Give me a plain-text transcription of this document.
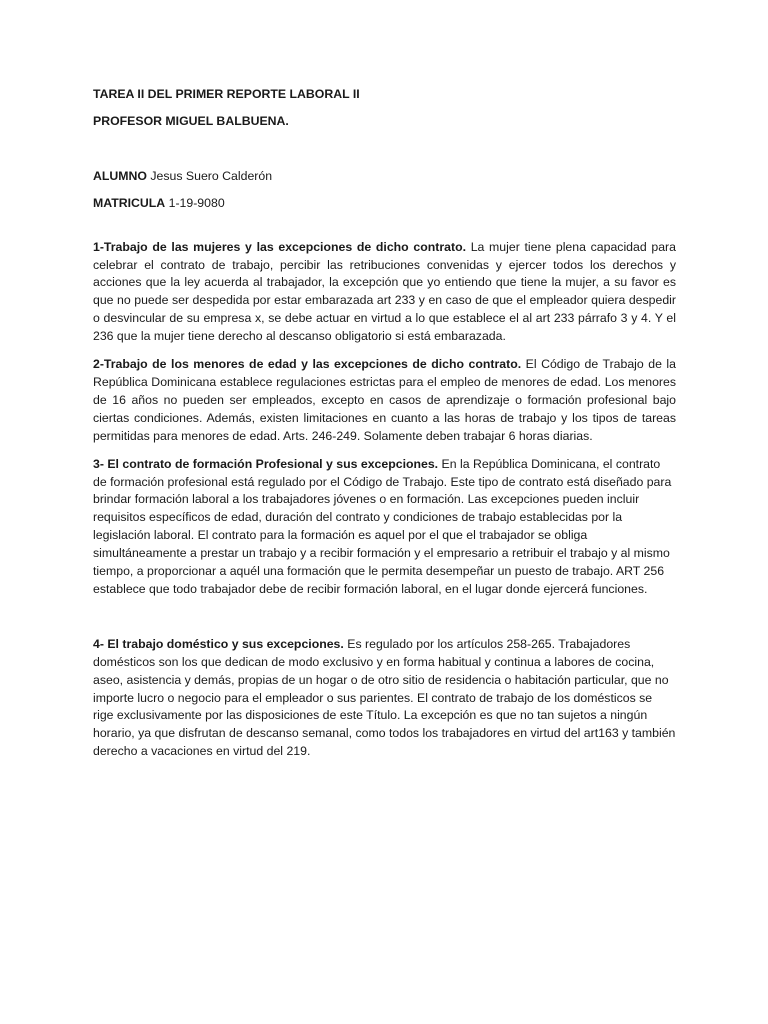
TAREA II DEL PRIMER REPORTE LABORAL II

PROFESOR MIGUEL BALBUENA.

ALUMNO Jesus Suero Calderón

MATRICULA 1-19-9080

1-Trabajo de las mujeres y las excepciones de dicho contrato. La mujer tiene plena capacidad para celebrar el contrato de trabajo, percibir las retribuciones convenidas y ejercer todos los derechos y acciones que la ley acuerda al trabajador, la excepción que yo entiendo que tiene la mujer, a su favor es que no puede ser despedida por estar embarazada art 233 y en caso de que el empleador quiera despedir o desvincular de su empresa x, se debe actuar en virtud a lo que establece el al art 233 párrafo 3 y 4. Y el 236 que la mujer tiene derecho al descanso obligatorio si está embarazada.

2-Trabajo de los menores de edad y las excepciones de dicho contrato. El Código de Trabajo de la República Dominicana establece regulaciones estrictas para el empleo de menores de edad. Los menores de 16 años no pueden ser empleados, excepto en casos de aprendizaje o formación profesional bajo ciertas condiciones. Además, existen limitaciones en cuanto a las horas de trabajo y los tipos de tareas permitidas para menores de edad. Arts. 246-249. Solamente deben trabajar 6 horas diarias.

3- El contrato de formación Profesional y sus excepciones. En la República Dominicana, el contrato de formación profesional está regulado por el Código de Trabajo. Este tipo de contrato está diseñado para brindar formación laboral a los trabajadores jóvenes o en formación. Las excepciones pueden incluir requisitos específicos de edad, duración del contrato y condiciones de trabajo establecidas por la legislación laboral. El contrato para la formación es aquel por el que el trabajador se obliga simultáneamente a prestar un trabajo y a recibir formación y el empresario a retribuir el trabajo y al mismo tiempo, a proporcionar a aquél una formación que le permita desempeñar un puesto de trabajo. ART 256 establece que todo trabajador debe de recibir formación laboral, en el lugar donde ejercerá funciones.

4- El trabajo doméstico y sus excepciones. Es regulado por los artículos 258-265. Trabajadores domésticos son los que dedican de modo exclusivo y en forma habitual y continua a labores de cocina, aseo, asistencia y demás, propias de un hogar o de otro sitio de residencia o habitación particular, que no importe lucro o negocio para el empleador o sus parientes. El contrato de trabajo de los domésticos se rige exclusivamente por las disposiciones de este Título. La excepción es que no tan sujetos a ningún horario, ya que disfrutan de descanso semanal, como todos los trabajadores en virtud del art163 y también derecho a vacaciones en virtud del 219.
